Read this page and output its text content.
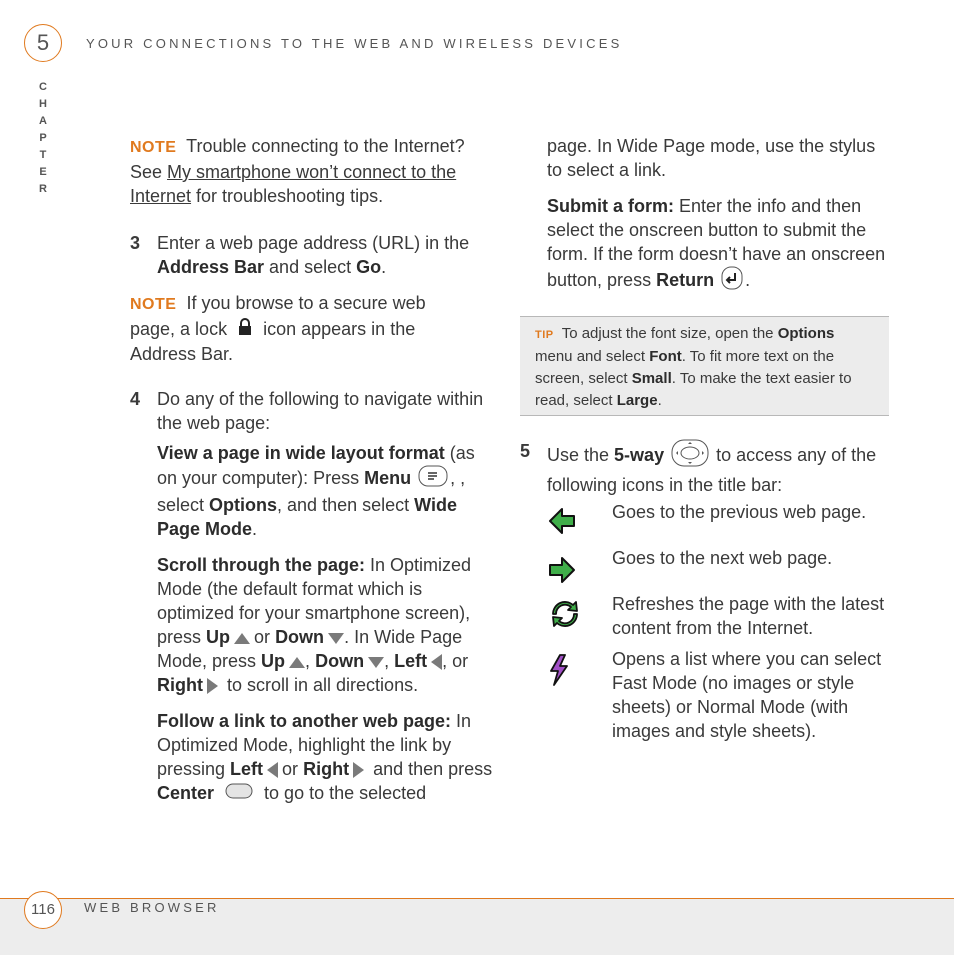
5	YOUR CONNECTIONS TO THE WEB AND WIRELESS DEVICES
C

H

A

P

T

E

R
NOTE Trouble connecting to the Internet? See My smartphone won’t connect to the Internet for troubleshooting tips.
3 Enter a web page address (URL) in the Address Bar and select Go.
NOTE If you browse to a secure web page, a lock icon appears in the Address Bar.
4 Do any of the following to navigate within the web page:
View a page in wide layout format (as on your computer): Press Menu , , select Options, and then select Wide Page Mode.
Scroll through the page: In Optimized Mode (the default format which is optimized for your smartphone screen), press Up or Down . In Wide Page Mode, press Up , Down , Left , or Right to scroll in all directions.
Follow a link to another web page: In Optimized Mode, highlight the link by pressing Left or Right and then press Center	to go to the selected
page. In Wide Page mode, use the stylus to select a link.
Submit a form: Enter the info and then select the onscreen button to submit the form. If the form doesn’t have an onscreen button, press Return .
TIP To adjust the font size, open the Options menu and select Font. To fit more text on the screen, select Small. To make the text easier to read, select Large.
5 Use the 5-way	to access any of the following icons in the title bar:
Goes to the previous web page.
Goes to the next web page.
Refreshes the page with the latest content from the Internet.
Opens a list where you can select Fast Mode (no images or style sheets) or Normal Mode (with images and style sheets).
116	WEB BROWSER
